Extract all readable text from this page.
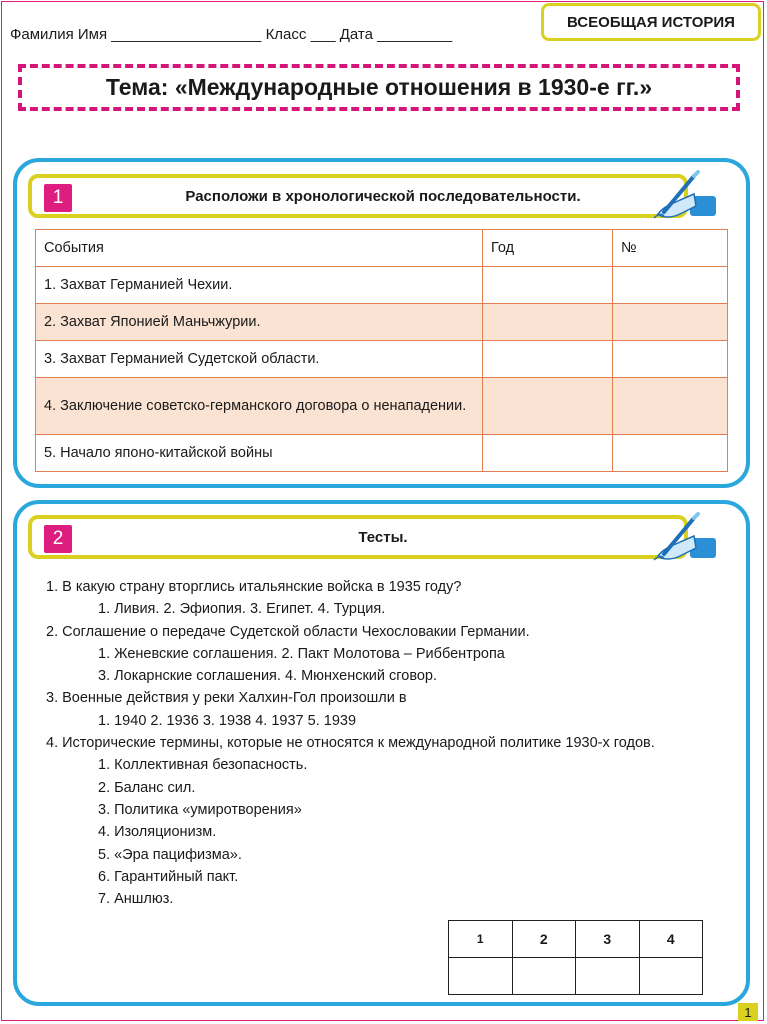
Фамилия Имя __________________ Класс ___ Дата _________
ВСЕОБЩАЯ ИСТОРИЯ
Тема: «Международные отношения в 1930-е гг.»
1	Расположи в хронологической последовательности.
События	Год	№
1. Захват Германией Чехии.		
2. Захват Японией Маньчжурии.		
3. Захват Германией Судетской области.		
4. Заключение советско-германского договора о ненападении.		
5. Начало японо-китайской войны		
2	Тесты.

1. В какую страну вторглись итальянские войска в 1935 году?

1. Ливия. 2. Эфиопия. 3. Египет. 4. Турция.

2. Соглашение о передаче Судетской области Чехословакии Германии.

1. Женевские соглашения. 2. Пакт Молотова – Риббентропа

3. Локарнские соглашения. 4. Мюнхенский сговор.

3. Военные действия у реки Халхин-Гол произошли в

1. 1940 2. 1936 3. 1938 4. 1937 5. 1939

4. Исторические термины, которые не относятся к международной политике 1930-х годов.

1. Коллективная безопасность.

2. Баланс сил.

3. Политика «умиротворения»

4. Изоляционизм.

5. «Эра пацифизма».

6. Гарантийный пакт.

7. Аншлюз.

1	2	3	4

1
